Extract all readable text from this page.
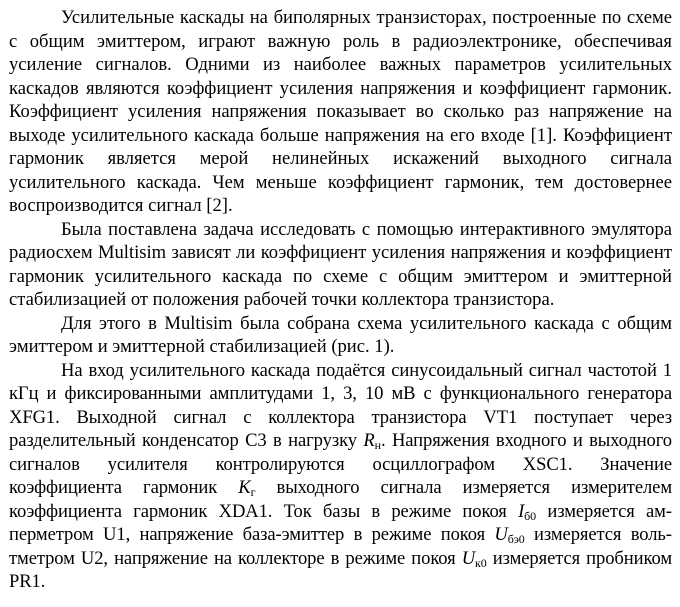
Усилительные каскады на биполярных транзисторах, построенные по схеме с общим эмиттером, играют важную роль в радиоэлектронике, обеспечивая усиление сигналов. Одними из наиболее важных параметров усилительных каскадов являются коэффициент усиления напряжения и коэффициент гармоник. Коэффициент усиления напряжения показывает во сколько раз напряжение на выходе усилительного каскада больше напряжения на его входе [1]. Коэффициент гармоник является мерой нелинейных искажений выходного сигнала усилительного каскада. Чем меньше коэффициент гармоник, тем достовернее воспроизводится сигнал [2].

Была поставлена задача исследовать с помощью интерактивного эмулятора радиосхем Multisim зависят ли коэффициент усиления напряжения и коэффициент гармоник усилительного каскада по схеме с общим эмиттером и эмиттерной стабилизацией от положения рабочей точки коллектора транзистора.

Для этого в Multisim была собрана схема усилительного каскада с общим эмиттером и эмиттерной стабилизацией (рис. 1).

На вход усилительного каскада подаётся синусоидальный сигнал частотой 1 кГц и фиксированными амплитудами 1, 3, 10 мВ с функционального генератора XFG1. Выходной сигнал с коллектора транзистора VT1 поступает через разделительный конденсатор С3 в нагрузку $R_н$. Напряжения входного и выходного сигналов усилителя контролируются осциллографом XSC1. Значение коэффициента гармоник $K_г$ выходного сигнала измеряется измерителем коэффициента гармоник XDA1. Ток базы в режиме покоя $I_{б0}$ измеряется амперметром U1, напряжение база-эмиттер в режиме покоя $U_{бэ0}$ измеряется вольтметром U2, напряжение на коллекторе в режиме покоя $U_{к0}$ измеряется пробником PR1.
